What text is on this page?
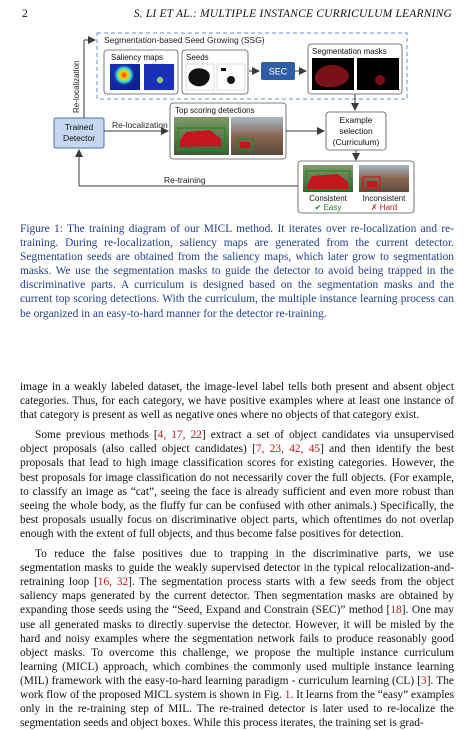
2	S. LI ET AL.: MULTIPLE INSTANCE CURRICULUM LEARNING
Segmentation-based Seed Growing (SSG)
Saliency maps	Seeds
SEC
Segmentation masks
Re-localization
Trained
Detector
Re-localization
Top scoring detections
Example
selection
(Curriculum)
Consistent
✔ Easy
Inconsistent
✗ Hard
Re-training
Figure 1: The training diagram of our MICL method. It iterates over re-localization and re-training. During re-localization, saliency maps are generated from the current detector. Segmentation seeds are obtained from the saliency maps, which later grow to segmentation masks. We use the segmentation masks to guide the detector to avoid being trapped in the discriminative parts. A curriculum is designed based on the segmentation masks and the current top scoring detections. With the curriculum, the multiple instance learning process can be organized in an easy-to-hard manner for the detector re-training.

image in a weakly labeled dataset, the image-level label tells both present and absent object categories. Thus, for each category, we have positive examples where at least one instance of that category is present as well as negative ones where no objects of that category exist.

Some previous methods [4, 17, 22] extract a set of object candidates via unsupervised object proposals (also called object candidates) [7, 23, 42, 45] and then identify the best proposals that lead to high image classification scores for existing categories. However, the best proposals for image classification do not necessarily cover the full objects. (For example, to classify an image as “cat”, seeing the face is already sufficient and even more robust than seeing the whole body, as the fluffy fur can be confused with other animals.) Specifically, the best proposals usually focus on discriminative object parts, which oftentimes do not overlap enough with the extent of full objects, and thus become false positives for detection.

To reduce the false positives due to trapping in the discriminative parts, we use segmentation masks to guide the weakly supervised detector in the typical relocalization-and-retraining loop [16, 32]. The segmentation process starts with a few seeds from the object saliency maps generated by the current detector. Then segmentation masks are obtained by expanding those seeds using the “Seed, Expand and Constrain (SEC)” method [18]. One may use all generated masks to directly supervise the detector. However, it will be misled by the hard and noisy examples where the segmentation network fails to produce reasonably good object masks. To overcome this challenge, we propose the multiple instance curriculum learning (MICL) approach, which combines the commonly used multiple instance learning (MIL) framework with the easy-to-hard learning paradigm - curriculum learning (CL) [3]. The work flow of the proposed MICL system is shown in Fig. 1. It learns from the “easy” examples only in the re-training step of MIL. The re-trained detector is later used to re-localize the segmentation seeds and object boxes. While this process iterates, the training set is grad-
